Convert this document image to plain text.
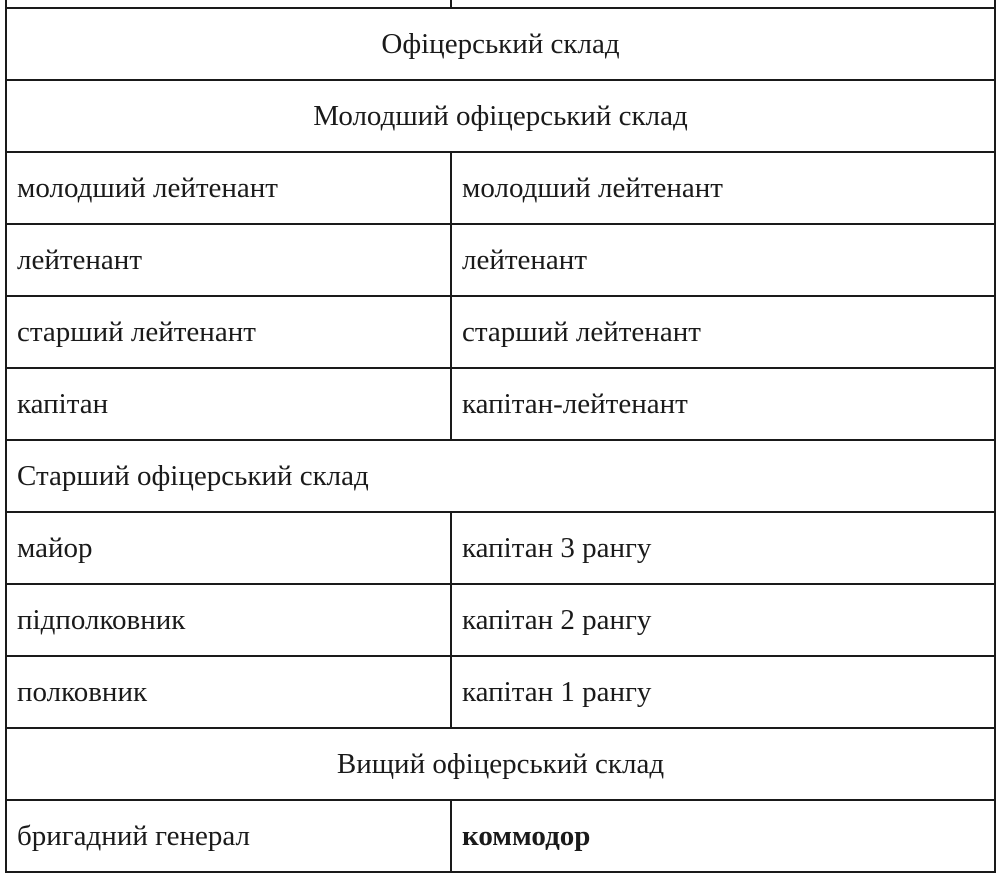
Офіцерський склад	
Молодший офіцерський склад	
молодший лейтенант	молодший лейтенант
лейтенант	лейтенант
старший лейтенант	старший лейтенант
капітан	капітан-лейтенант
Старший офіцерський склад	
майор	капітан 3 рангу
підполковник	капітан 2 рангу
полковник	капітан 1 рангу
Вищий офіцерський склад	
бригадний генерал	коммодор
